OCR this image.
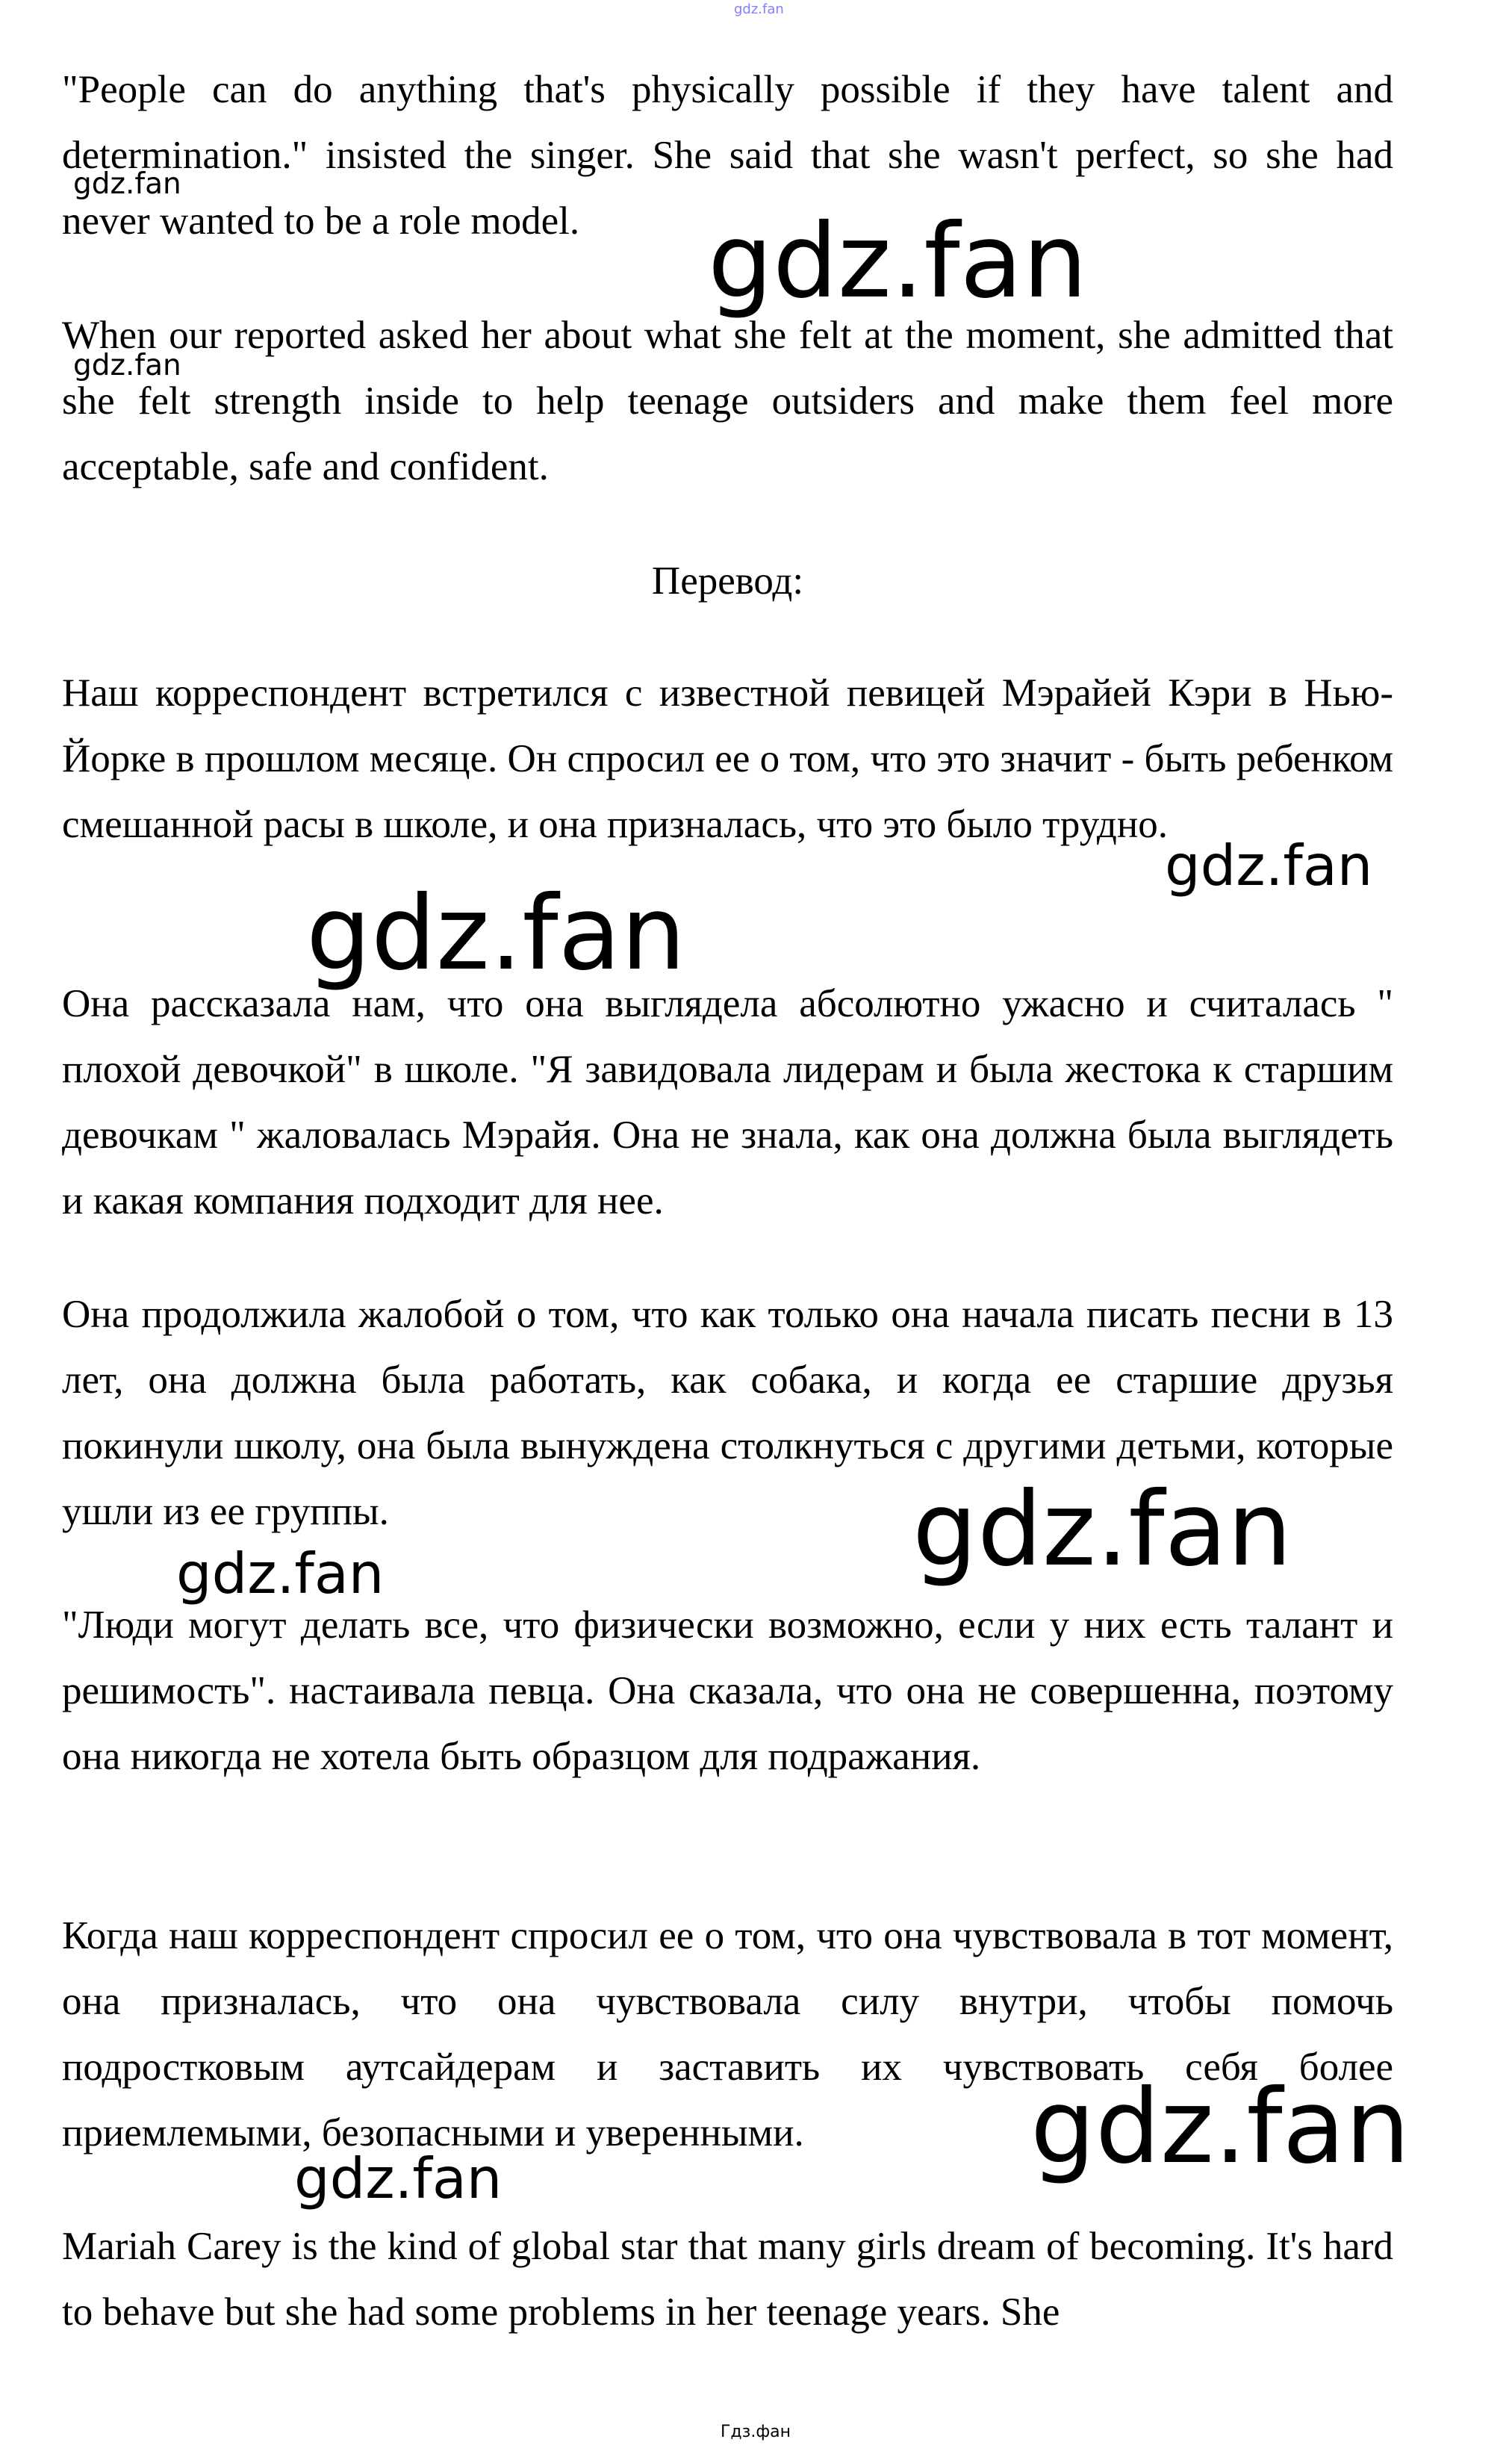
gdz.fan

"People can do anything that's physically possible if they have talent and determination." insisted the singer. She said that she wasn't perfect, so she had never wanted to be a role model.

When our reported asked her about what she felt at the moment, she admitted that she felt strength inside to help teenage outsiders and make them feel more acceptable, safe and confident.

Перевод:

Наш корреспондент встретился с известной певицей Мэрайей Кэри в Нью-Йорке в прошлом месяце. Он спросил ее о том, что это значит - быть ребенком смешанной расы в школе, и она призналась, что это было трудно.

Она рассказала нам, что она выглядела абсолютно ужасно и считалась " плохой девочкой" в школе. "Я завидовала лидерам и была жестока к старшим девочкам " жаловалась Мэрайя. Она не знала, как она должна была выглядеть и какая компания подходит для нее.

Она продолжила жалобой о том, что как только она начала писать песни в 13 лет, она должна была работать, как собака, и когда ее старшие друзья покинули школу, она была вынуждена столкнуться с другими детьми, которые ушли из ее группы.

"Люди могут делать все, что физически возможно, если у них есть талант и решимость". настаивала певца. Она сказала, что она не совершенна, поэтому она никогда не хотела быть образцом для подражания.

Когда наш корреспондент спросил ее о том, что она чувствовала в тот момент, она призналась, что она чувствовала силу внутри, чтобы помочь подростковым аутсайдерам и заставить их чувствовать себя более приемлемыми, безопасными и уверенными.

Mariah Carey is the kind of global star that many girls dream of becoming. It's hard to behave but she had some problems in her teenage years. She

gdz.fan
gdz.fan
gdz.fan
gdz.fan
gdz.fan
gdz.fan
gdz.fan
gdz.fan
gdz.fan
Гдз.фан
